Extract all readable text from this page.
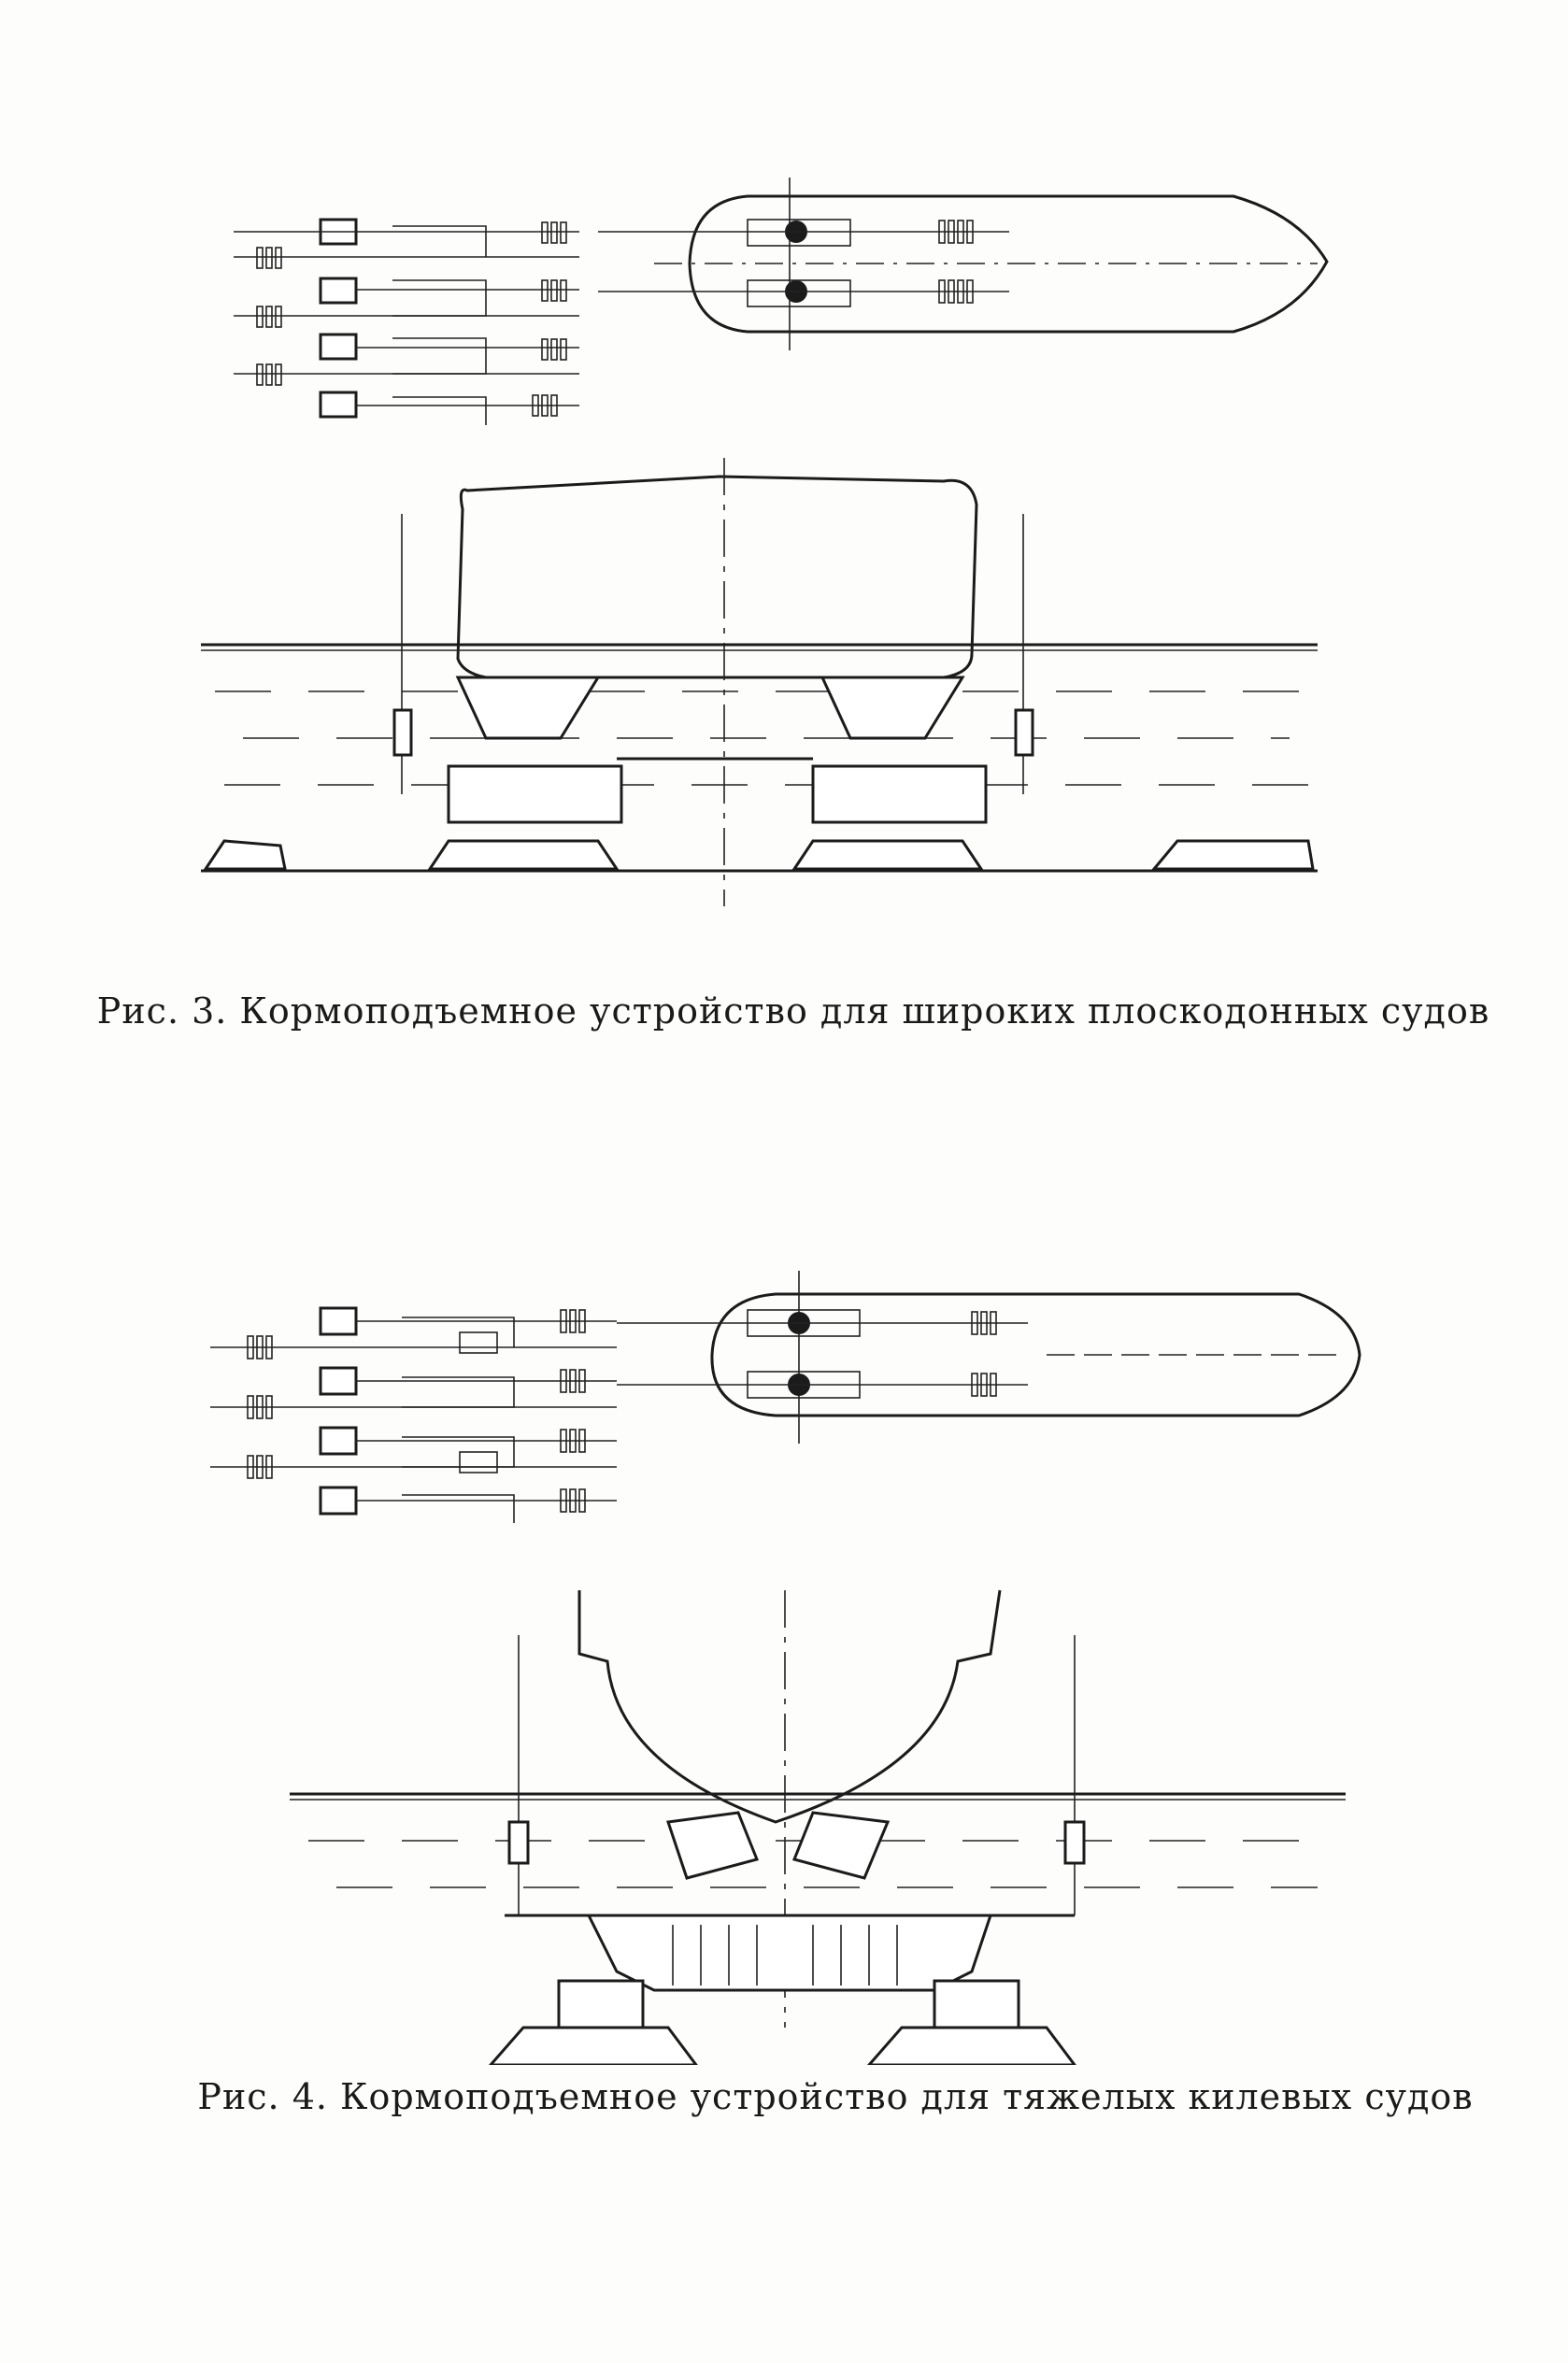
Рис. 3. Кормоподъемное устройство для широких плоскодонных судов
Рис. 4. Кормоподъемное устройство для тяжелых килевых судов
